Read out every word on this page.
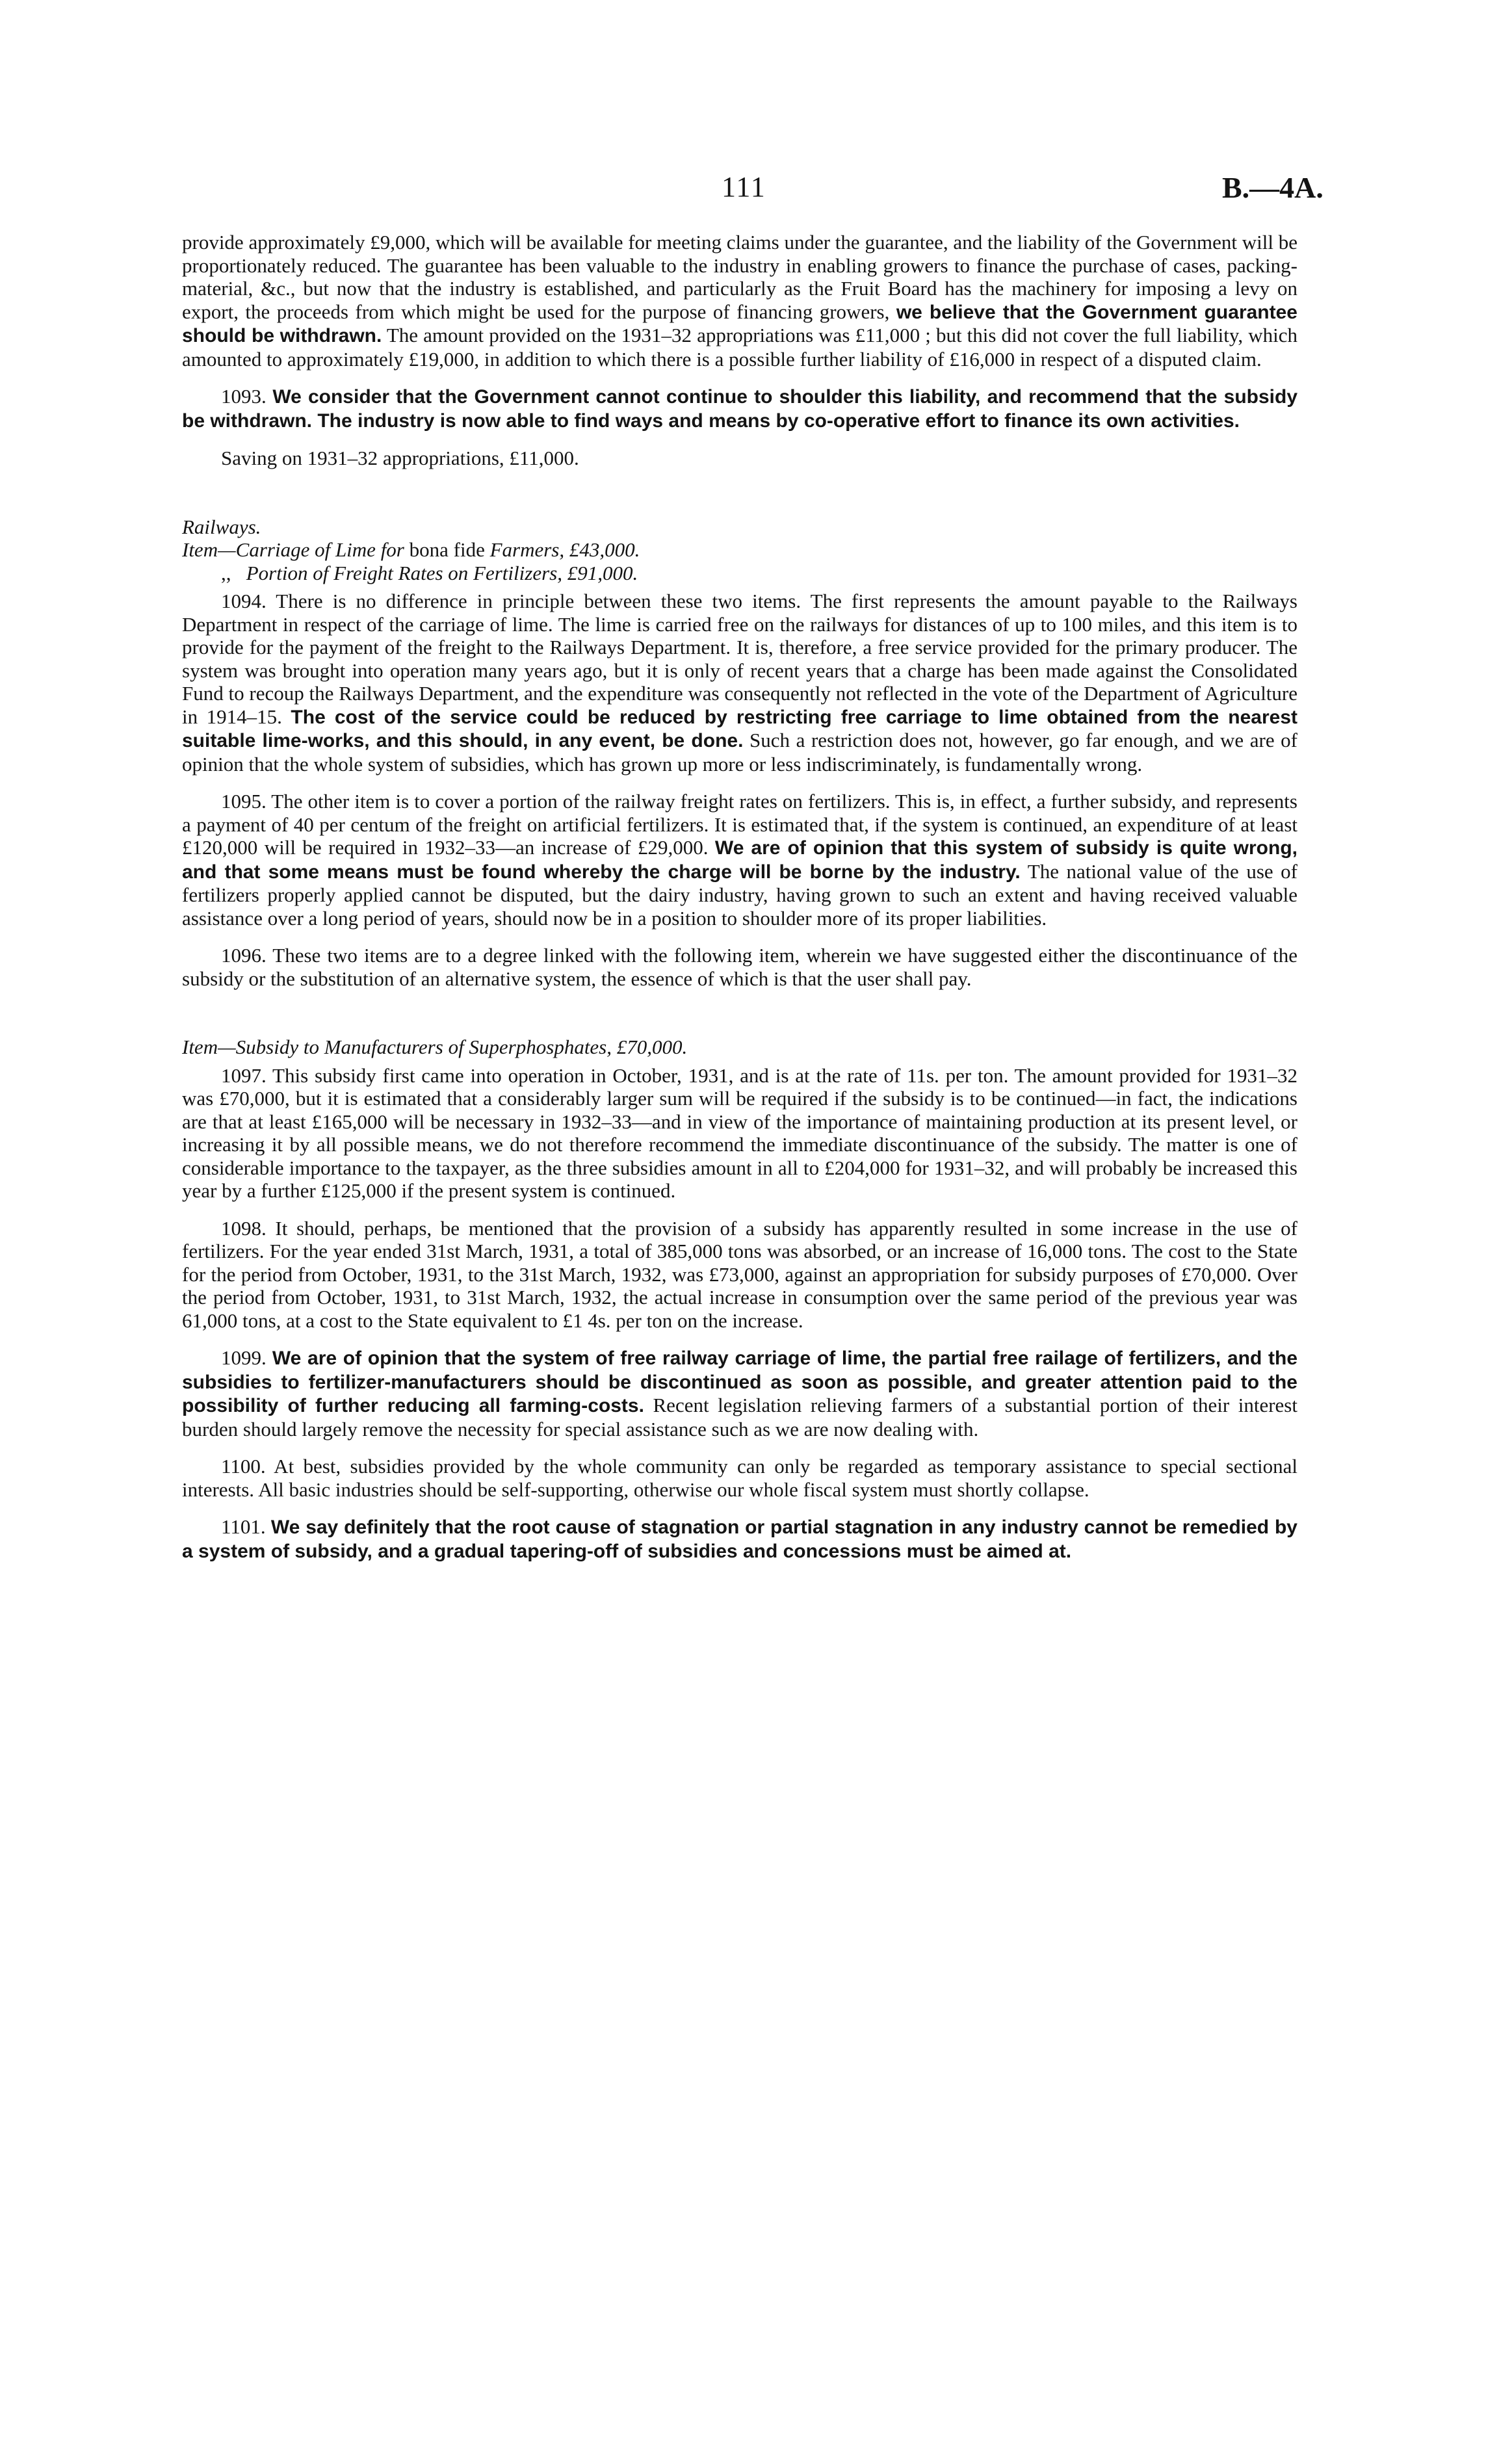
111	B.—4A.

provide approximately £9,000, which will be available for meeting claims under the guarantee, and the liability of the Government will be proportionately reduced. The guarantee has been valuable to the industry in enabling growers to finance the purchase of cases, packing-material, &c., but now that the industry is established, and particularly as the Fruit Board has the machinery for imposing a levy on export, the proceeds from which might be used for the purpose of financing growers, we believe that the Government guarantee should be withdrawn. The amount provided on the 1931–32 appropriations was £11,000 ; but this did not cover the full liability, which amounted to approximately £19,000, in addition to which there is a possible further liability of £16,000 in respect of a disputed claim.

1093. We consider that the Government cannot continue to shoulder this liability, and recommend that the subsidy be withdrawn. The industry is now able to find ways and means by co-operative effort to finance its own activities.

Saving on 1931–32 appropriations, £11,000.

Railways.

Item—Carriage of Lime for bona fide Farmers, £43,000.

,, Portion of Freight Rates on Fertilizers, £91,000.

1094. There is no difference in principle between these two items. The first represents the amount payable to the Railways Department in respect of the carriage of lime. The lime is carried free on the railways for distances of up to 100 miles, and this item is to provide for the payment of the freight to the Railways Department. It is, therefore, a free service provided for the primary producer. The system was brought into operation many years ago, but it is only of recent years that a charge has been made against the Consolidated Fund to recoup the Railways Department, and the expenditure was consequently not reflected in the vote of the Department of Agriculture in 1914–15. The cost of the service could be reduced by restricting free carriage to lime obtained from the nearest suitable lime-works, and this should, in any event, be done. Such a restriction does not, however, go far enough, and we are of opinion that the whole system of subsidies, which has grown up more or less indiscriminately, is fundamentally wrong.

1095. The other item is to cover a portion of the railway freight rates on fertilizers. This is, in effect, a further subsidy, and represents a payment of 40 per centum of the freight on artificial fertilizers. It is estimated that, if the system is continued, an expenditure of at least £120,000 will be required in 1932–33—an increase of £29,000. We are of opinion that this system of subsidy is quite wrong, and that some means must be found whereby the charge will be borne by the industry. The national value of the use of fertilizers properly applied cannot be disputed, but the dairy industry, having grown to such an extent and having received valuable assistance over a long period of years, should now be in a position to shoulder more of its proper liabilities.

1096. These two items are to a degree linked with the following item, wherein we have suggested either the discontinuance of the subsidy or the substitution of an alternative system, the essence of which is that the user shall pay.

Item—Subsidy to Manufacturers of Superphosphates, £70,000.

1097. This subsidy first came into operation in October, 1931, and is at the rate of 11s. per ton. The amount provided for 1931–32 was £70,000, but it is estimated that a considerably larger sum will be required if the subsidy is to be continued—in fact, the indications are that at least £165,000 will be necessary in 1932–33—and in view of the importance of maintaining production at its present level, or increasing it by all possible means, we do not therefore recommend the immediate discontinuance of the subsidy. The matter is one of considerable importance to the taxpayer, as the three subsidies amount in all to £204,000 for 1931–32, and will probably be increased this year by a further £125,000 if the present system is continued.

1098. It should, perhaps, be mentioned that the provision of a subsidy has apparently resulted in some increase in the use of fertilizers. For the year ended 31st March, 1931, a total of 385,000 tons was absorbed, or an increase of 16,000 tons. The cost to the State for the period from October, 1931, to the 31st March, 1932, was £73,000, against an appropriation for subsidy purposes of £70,000. Over the period from October, 1931, to 31st March, 1932, the actual increase in consumption over the same period of the previous year was 61,000 tons, at a cost to the State equivalent to £1 4s. per ton on the increase.

1099. We are of opinion that the system of free railway carriage of lime, the partial free railage of fertilizers, and the subsidies to fertilizer-manufacturers should be discontinued as soon as possible, and greater attention paid to the possibility of further reducing all farming-costs. Recent legislation relieving farmers of a substantial portion of their interest burden should largely remove the necessity for special assistance such as we are now dealing with.

1100. At best, subsidies provided by the whole community can only be regarded as temporary assistance to special sectional interests. All basic industries should be self-supporting, otherwise our whole fiscal system must shortly collapse.

1101. We say definitely that the root cause of stagnation or partial stagnation in any industry cannot be remedied by a system of subsidy, and a gradual tapering-off of subsidies and concessions must be aimed at.
